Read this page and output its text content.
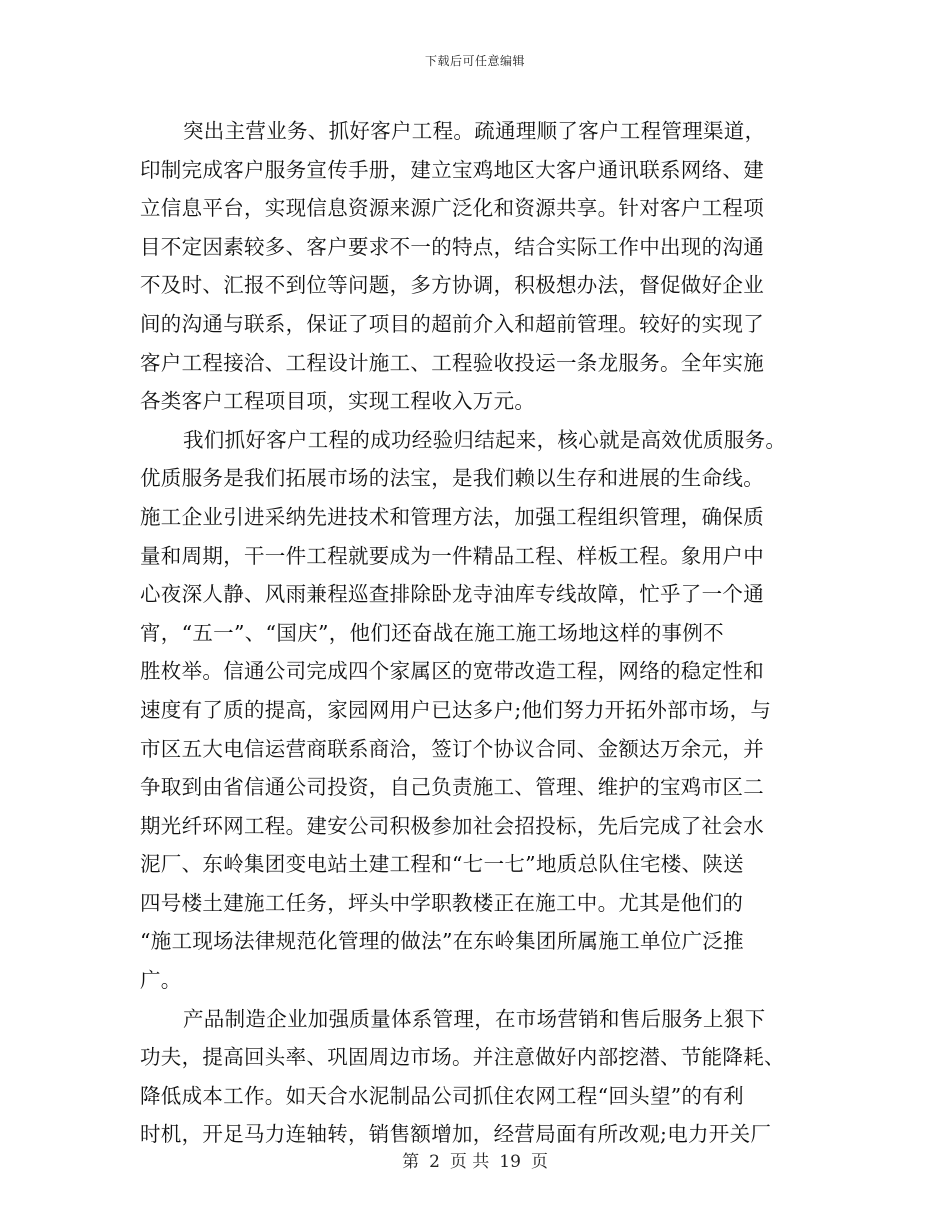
下载后可任意编辑
突出主营业务、抓好客户工程。疏通理顺了客户工程管理渠道，
印制完成客户服务宣传手册，建立宝鸡地区大客户通讯联系网络、建
立信息平台，实现信息资源来源广泛化和资源共享。针对客户工程项
目不定因素较多、客户要求不一的特点，结合实际工作中出现的沟通
不及时、汇报不到位等问题，多方协调，积极想办法，督促做好企业
间的沟通与联系，保证了项目的超前介入和超前管理。较好的实现了
客户工程接洽、工程设计施工、工程验收投运一条龙服务。全年实施
各类客户工程项目项，实现工程收入万元。
我们抓好客户工程的成功经验归结起来，核心就是高效优质服务。
优质服务是我们拓展市场的法宝，是我们赖以生存和进展的生命线。
施工企业引进采纳先进技术和管理方法，加强工程组织管理，确保质
量和周期，干一件工程就要成为一件精品工程、样板工程。象用户中
心夜深人静、风雨兼程巡查排除卧龙寺油库专线故障，忙乎了一个通
宵，“五一”、“国庆”，他们还奋战在施工施工场地这样的事例不
胜枚举。信通公司完成四个家属区的宽带改造工程，网络的稳定性和
速度有了质的提高，家园网用户已达多户;他们努力开拓外部市场，与
市区五大电信运营商联系商洽，签订个协议合同、金额达万余元，并
争取到由省信通公司投资，自己负责施工、管理、维护的宝鸡市区二
期光纤环网工程。建安公司积极参加社会招投标，先后完成了社会水
泥厂、东岭集团变电站土建工程和“七一七”地质总队住宅楼、陕送
四号楼土建施工任务，坪头中学职教楼正在施工中。尤其是他们的
“施工现场法律规范化管理的做法”在东岭集团所属施工单位广泛推
广。
产品制造企业加强质量体系管理，在市场营销和售后服务上狠下
功夫，提高回头率、巩固周边市场。并注意做好内部挖潜、节能降耗、
降低成本工作。如天合水泥制品公司抓住农网工程“回头望”的有利
时机，开足马力连轴转，销售额增加，经营局面有所改观;电力开关厂
第 2 页 共 19 页
